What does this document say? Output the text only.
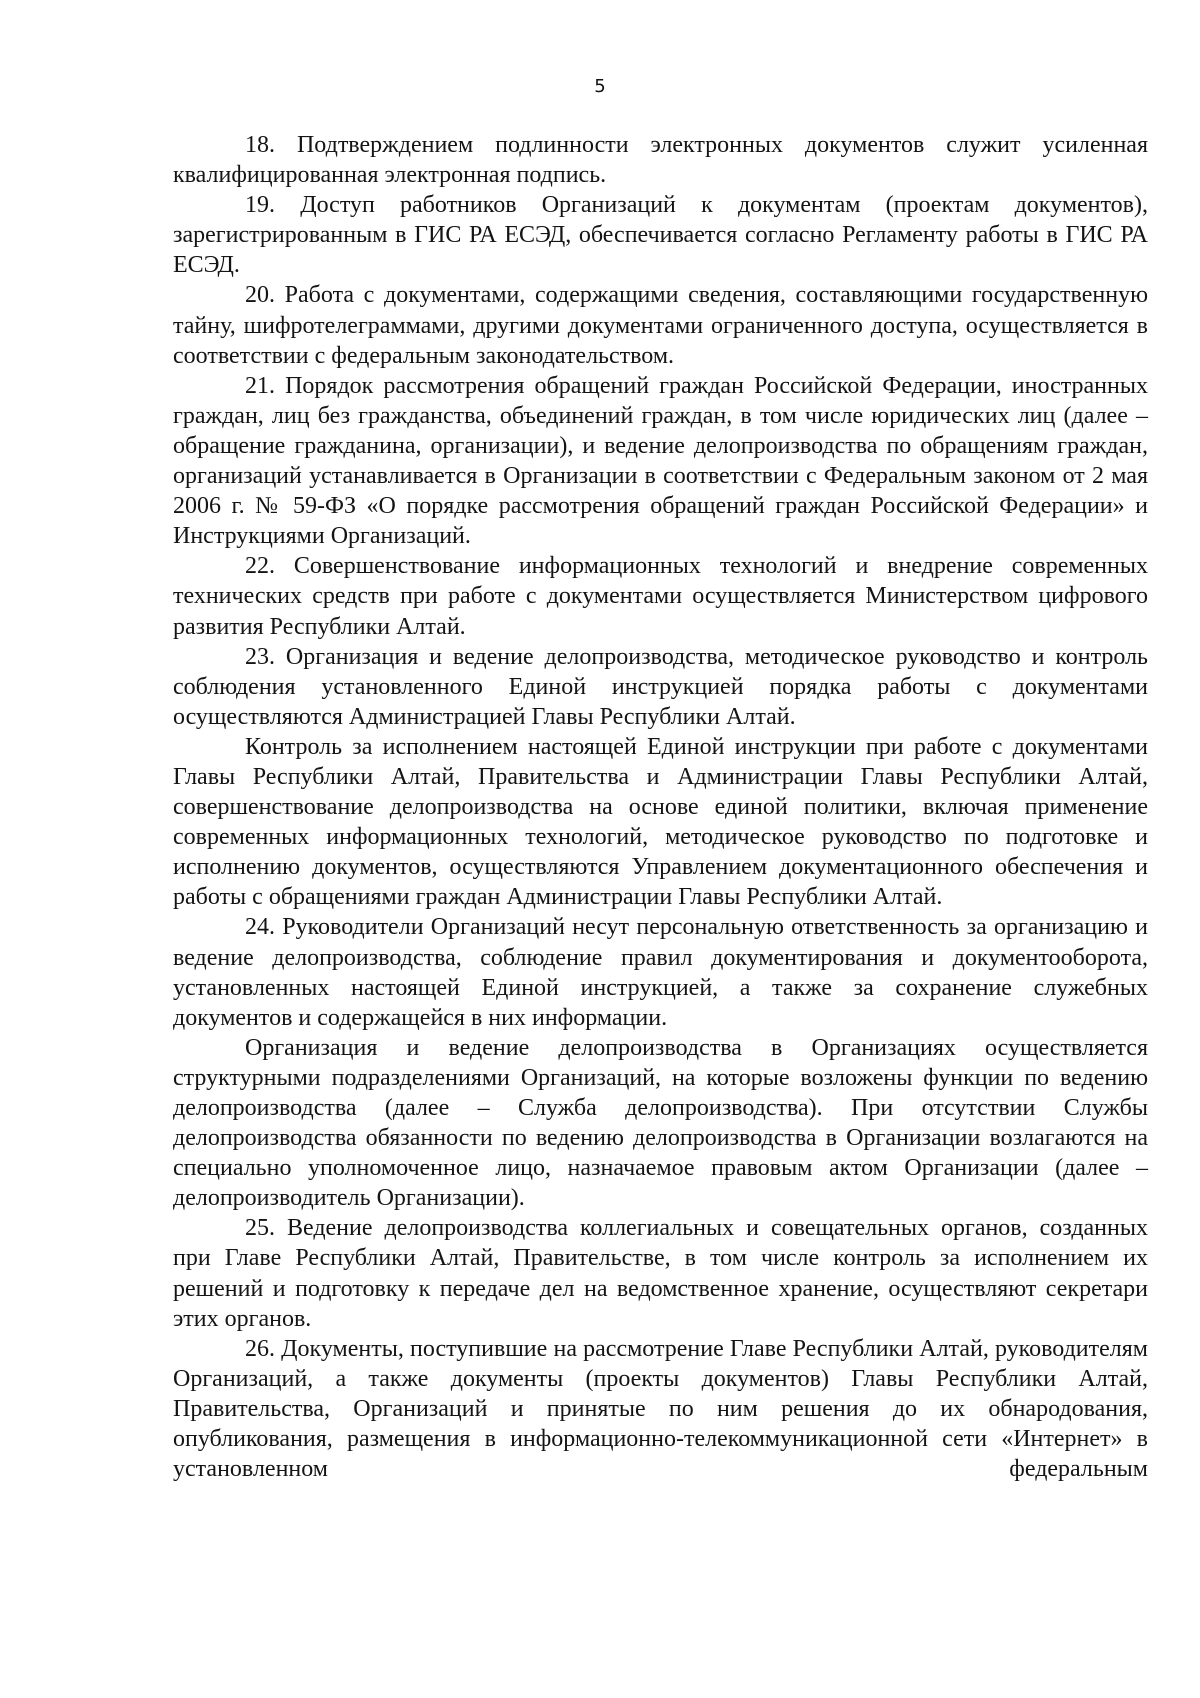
5

18. Подтверждением подлинности электронных документов служит усиленная квалифицированная электронная подпись.

19. Доступ работников Организаций к документам (проектам документов), зарегистрированным в ГИС РА ЕСЭД, обеспечивается согласно Регламенту работы в ГИС РА ЕСЭД.

20. Работа с документами, содержащими сведения, составляющими государственную тайну, шифротелеграммами, другими документами ограниченного доступа, осуществляется в соответствии с федеральным законодательством.

21. Порядок рассмотрения обращений граждан Российской Федерации, иностранных граждан, лиц без гражданства, объединений граждан, в том числе юридических лиц (далее – обращение гражданина, организации), и ведение делопроизводства по обращениям граждан, организаций устанавливается в Организации в соответствии с Федеральным законом от 2 мая 2006 г. № 59-ФЗ «О порядке рассмотрения обращений граждан Российской Федерации» и Инструкциями Организаций.

22. Совершенствование информационных технологий и внедрение современных технических средств при работе с документами осуществляется Министерством цифрового развития Республики Алтай.

23. Организация и ведение делопроизводства, методическое руководство и контроль соблюдения установленного Единой инструкцией порядка работы с документами осуществляются Администрацией Главы Республики Алтай.

Контроль за исполнением настоящей Единой инструкции при работе с документами Главы Республики Алтай, Правительства и Администрации Главы Республики Алтай, совершенствование делопроизводства на основе единой политики, включая применение современных информационных технологий, методическое руководство по подготовке и исполнению документов, осуществляются Управлением документационного обеспечения и работы с обращениями граждан Администрации Главы Республики Алтай.

24. Руководители Организаций несут персональную ответственность за организацию и ведение делопроизводства, соблюдение правил документирования и документооборота, установленных настоящей Единой инструкцией, а также за сохранение служебных документов и содержащейся в них информации.

Организация и ведение делопроизводства в Организациях осуществляется структурными подразделениями Организаций, на которые возложены функции по ведению делопроизводства (далее – Служба делопроизводства). При отсутствии Службы делопроизводства обязанности по ведению делопроизводства в Организации возлагаются на специально уполномоченное лицо, назначаемое правовым актом Организации (далее – делопроизводитель Организации).

25. Ведение делопроизводства коллегиальных и совещательных органов, созданных при Главе Республики Алтай, Правительстве, в том числе контроль за исполнением их решений и подготовку к передаче дел на ведомственное хранение, осуществляют секретари этих органов.

26. Документы, поступившие на рассмотрение Главе Республики Алтай, руководителям Организаций, а также документы (проекты документов) Главы Республики Алтай, Правительства, Организаций и принятые по ним решения до их обнародования, опубликования, размещения в информационно-телекоммуникационной сети «Интернет» в установленном федеральным
